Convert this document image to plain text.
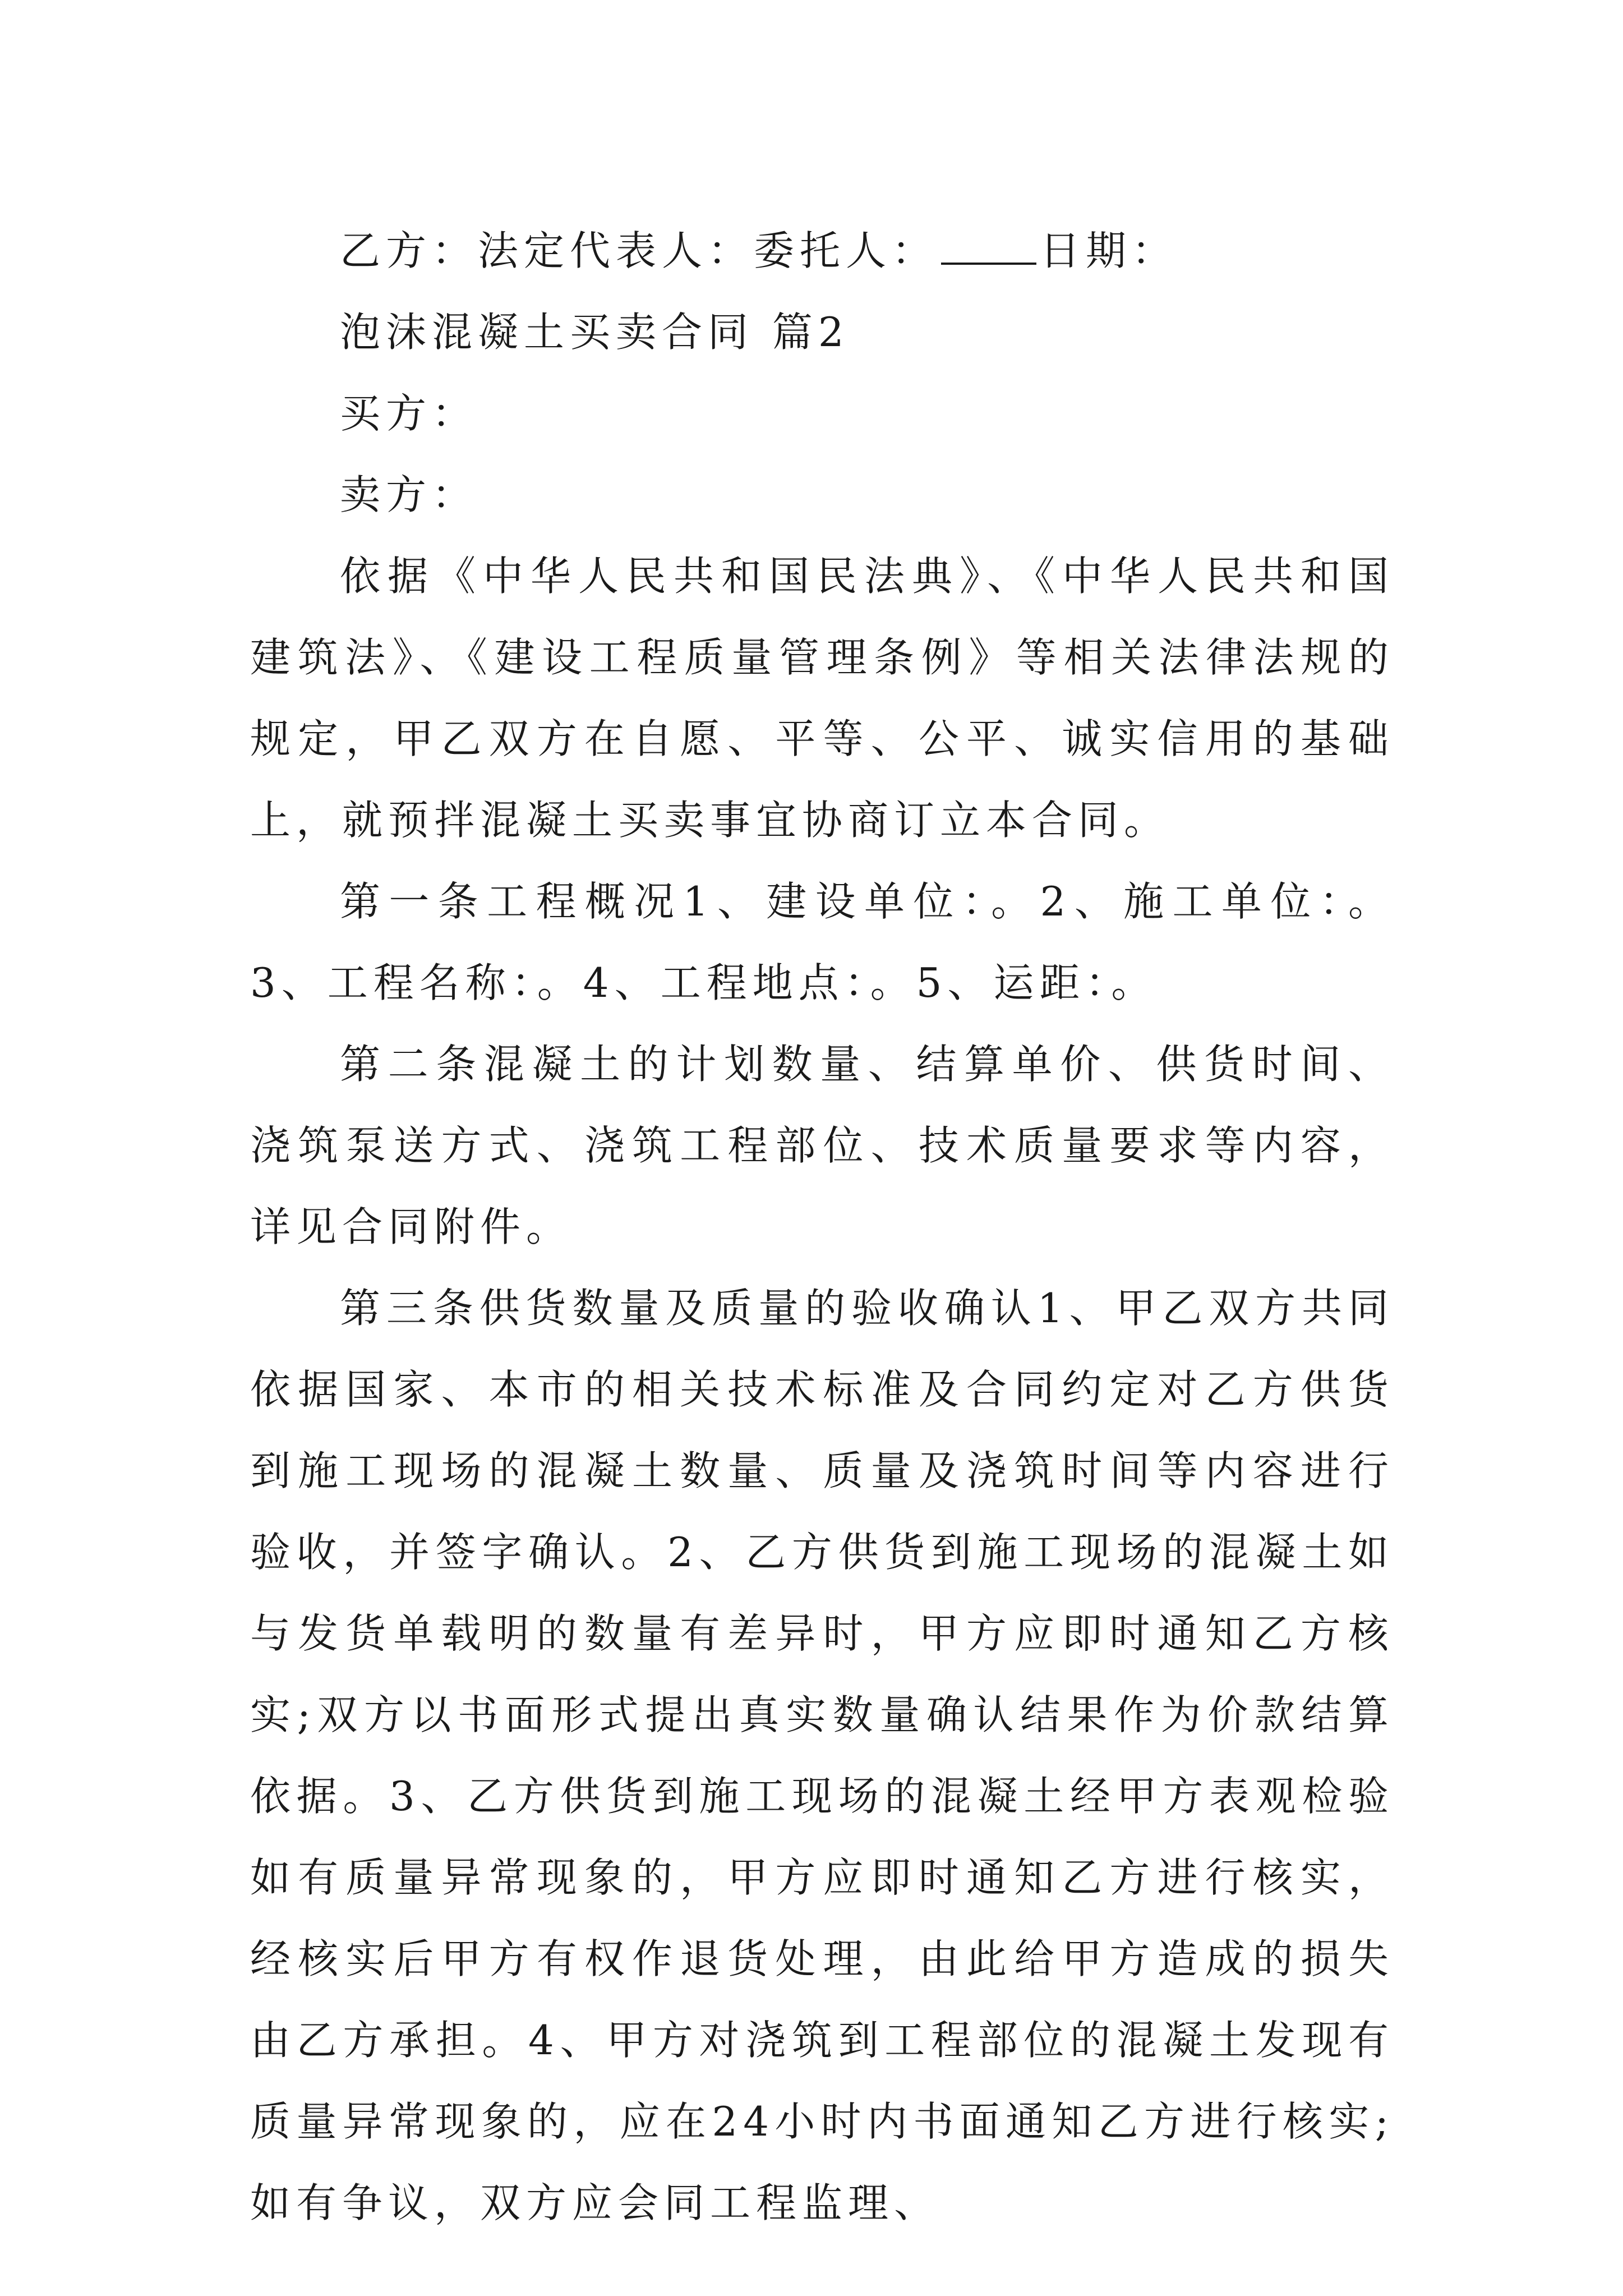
乙方：法定代表人：委托人：	日期：
泡沫混凝土买卖合同 篇2
买方：
卖方：

依据《中华人民共和国民法典》、《中华人民共和国建筑法》、《建设工程质量管理条例》等相关法律法规的规定，甲乙双方在自愿、平等、公平、诚实信用的基础上，就预拌混凝土买卖事宜协商订立本合同。

第一条工程概况1、建设单位：。2、施工单位：。3、工程名称：。4、工程地点：。5、运距：。

第二条混凝土的计划数量、结算单价、供货时间、浇筑泵送方式、浇筑工程部位、技术质量要求等内容，详见合同附件。

第三条供货数量及质量的验收确认1、甲乙双方共同依据国家、本市的相关技术标准及合同约定对乙方供货到施工现场的混凝土数量、质量及浇筑时间等内容进行验收，并签字确认。2、乙方供货到施工现场的混凝土如与发货单载明的数量有差异时，甲方应即时通知乙方核实;双方以书面形式提出真实数量确认结果作为价款结算依据。3、乙方供货到施工现场的混凝土经甲方表观检验如有质量异常现象的，甲方应即时通知乙方进行核实，经核实后甲方有权作退货处理，由此给甲方造成的损失由乙方承担。4、甲方对浇筑到工程部位的混凝土发现有质量异常现象的，应在24小时内书面通知乙方进行核实;如有争议，双方应会同工程监理、
